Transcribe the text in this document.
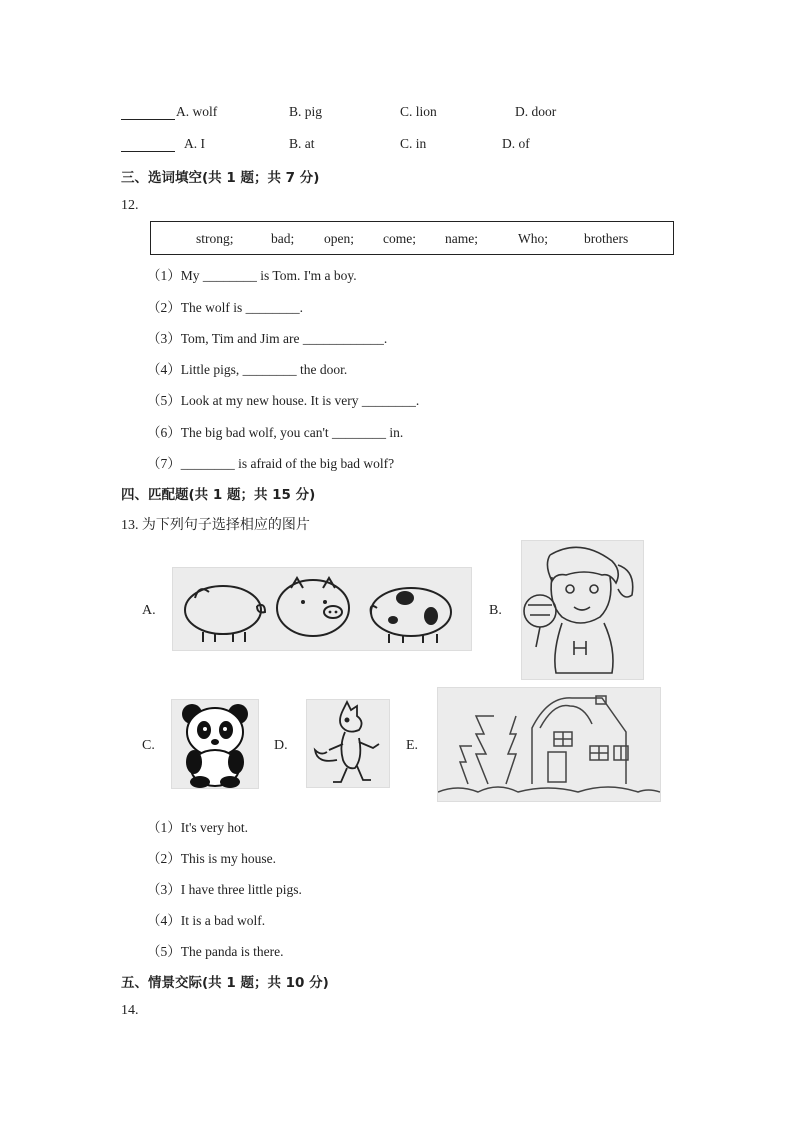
A. wolf	B. pig	C. lion	D. door
A. I	B. at	C. in	D. of
三、选词填空(共 1 题；共 7 分)
12.
strong;	bad; open; come; name;	Who;	brothers
（1）My ________ is Tom. I'm a boy.
（2）The wolf is ________.
（3）Tom, Tim and Jim are ____________.
（4）Little pigs, ________ the door.
（5）Look at my new house. It is very ________.
（6）The big bad wolf, you can't ________ in.
（7）________ is afraid of the big bad wolf?
四、匹配题(共 1 题；共 15 分)
13. 为下列句子选择相应的图片
A.	B.
C.	D.	E.
（1）It's very hot.
（2）This is my house.
（3）I have three little pigs.
（4）It is a bad wolf.
（5）The panda is there.
五、情景交际(共 1 题；共 10 分)
14.
